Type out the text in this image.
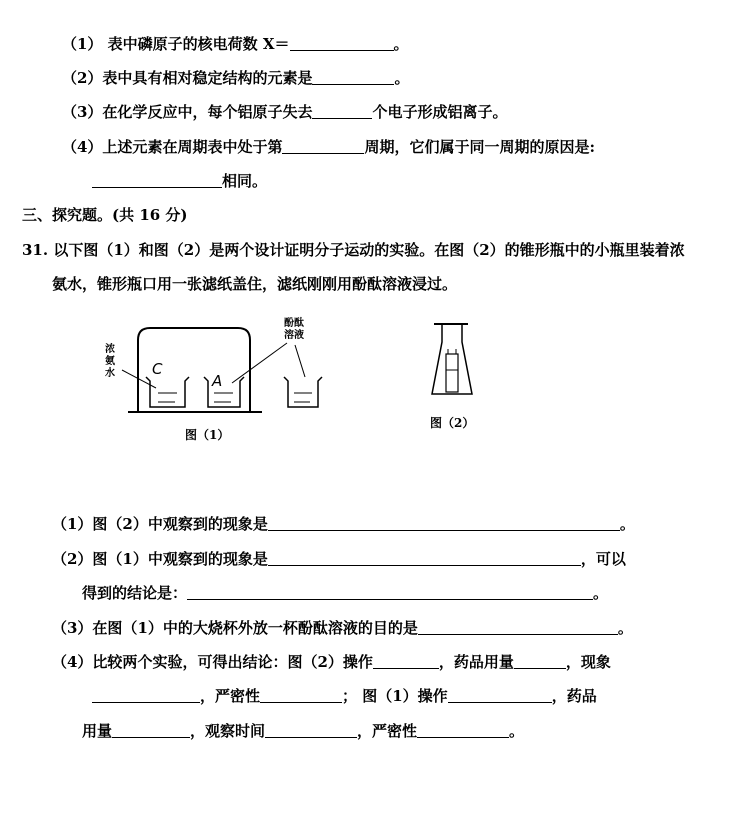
（1） 表中磷原子的核电荷数 X＝	。
（2）表中具有相对稳定结构的元素是	。
（3）在化学反应中，每个铝原子失去	个电子形成铝离子。
（4）上述元素在周期表中处于第	周期，它们属于同一周期的原因是:
相同。
三、探究题。(共 16 分)
31. 以下图（1）和图（2）是两个设计证明分子运动的实验。在图（2）的锥形瓶中的小瓶里装着浓
氨水，锥形瓶口用一张滤纸盖住，滤纸刚刚用酚酞溶液浸过。
浓氨水
酚酞溶液
C
A
图（1）
图（2）
（1）图（2）中观察到的现象是	。
（2）图（1）中观察到的现象是	，可以
得到的结论是：	。
（3）在图（1）中的大烧杯外放一杯酚酞溶液的目的是	。
（4）比较两个实验，可得出结论：图（2）操作	，药品用量	，现象
，严密性	； 图（1）操作	，药品
用量	，观察时间	，严密性	。
